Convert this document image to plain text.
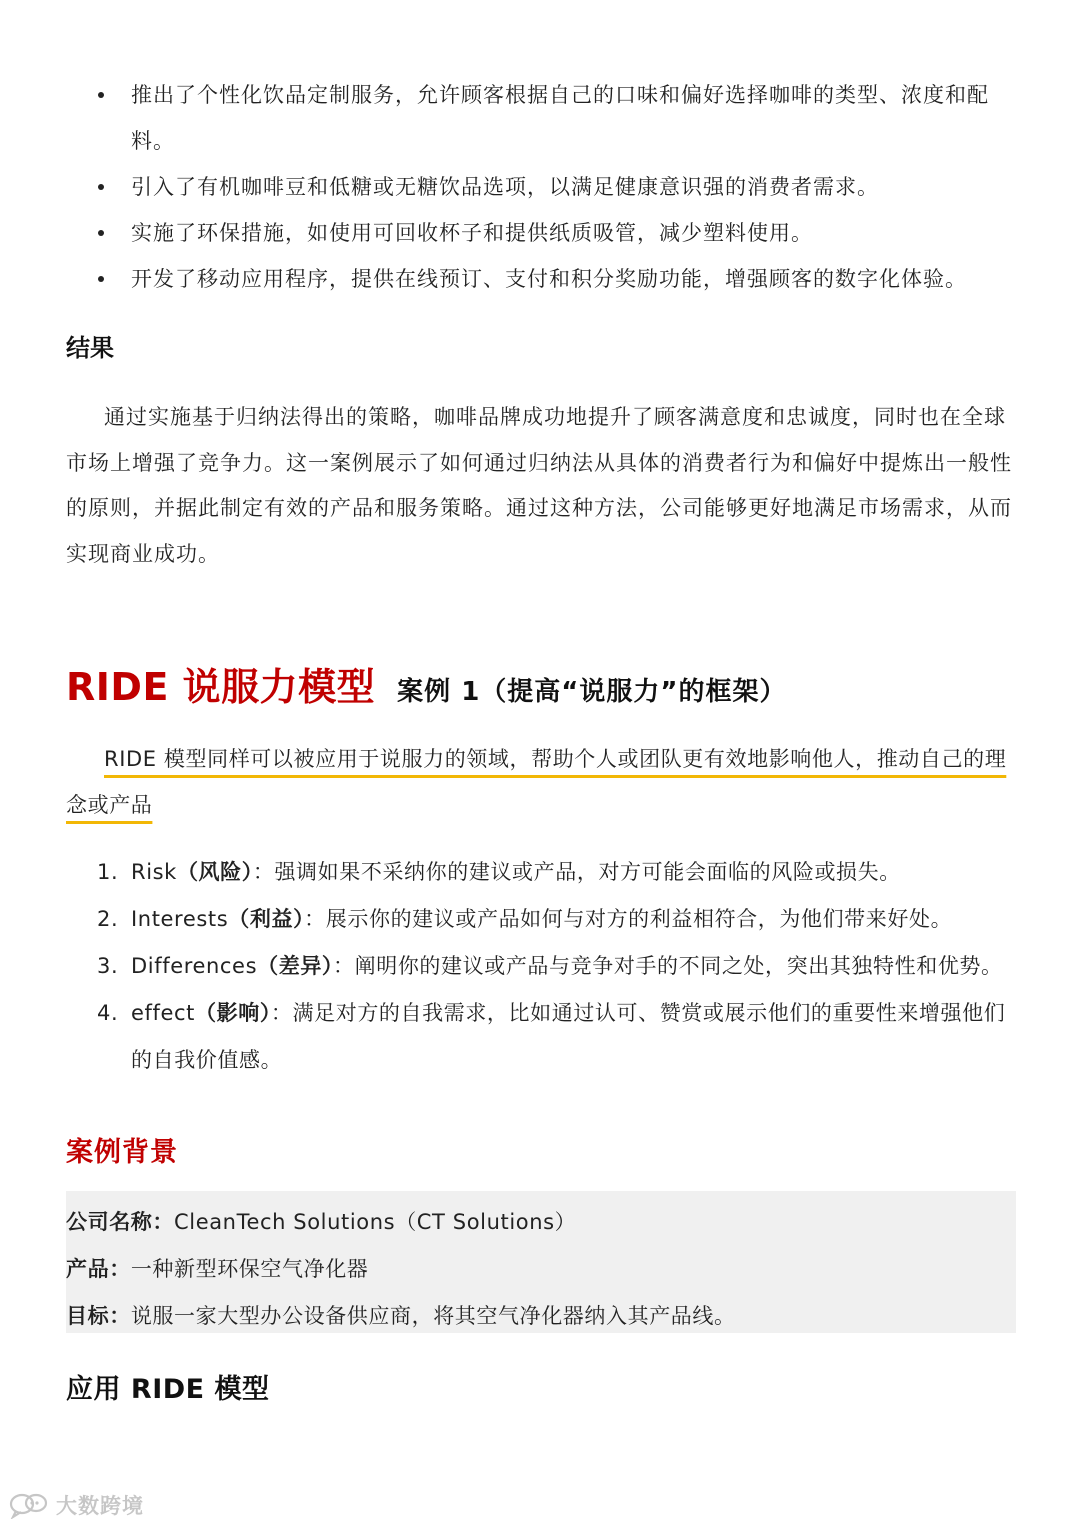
推出了个性化饮品定制服务，允许顾客根据自己的口味和偏好选择咖啡的类型、浓度和配料。
引入了有机咖啡豆和低糖或无糖饮品选项，以满足健康意识强的消费者需求。
实施了环保措施，如使用可回收杯子和提供纸质吸管，减少塑料使用。
开发了移动应用程序，提供在线预订、支付和积分奖励功能，增强顾客的数字化体验。
结果

通过实施基于归纳法得出的策略，咖啡品牌成功地提升了顾客满意度和忠诚度，同时也在全球市场上增强了竞争力。这一案例展示了如何通过归纳法从具体的消费者行为和偏好中提炼出一般性的原则，并据此制定有效的产品和服务策略。通过这种方法，公司能够更好地满足市场需求，从而实现商业成功。

RIDE 说服力模型 案例 1（提高“说服力”的框架）

RIDE 模型同样可以被应用于说服力的领域，帮助个人或团队更有效地影响他人，推动自己的理念或产品

1. Risk（风险）：强调如果不采纳你的建议或产品，对方可能会面临的风险或损失。
2. Interests（利益）：展示你的建议或产品如何与对方的利益相符合，为他们带来好处。
3. Differences（差异）：阐明你的建议或产品与竞争对手的不同之处，突出其独特性和优势。
4. effect（影响）：满足对方的自我需求，比如通过认可、赞赏或展示他们的重要性来增强他们的自我价值感。
案例背景
公司名称：CleanTech Solutions（CT Solutions）
产品：一种新型环保空气净化器
目标：说服一家大型办公设备供应商，将其空气净化器纳入其产品线。
应用 RIDE 模型
大数跨境
